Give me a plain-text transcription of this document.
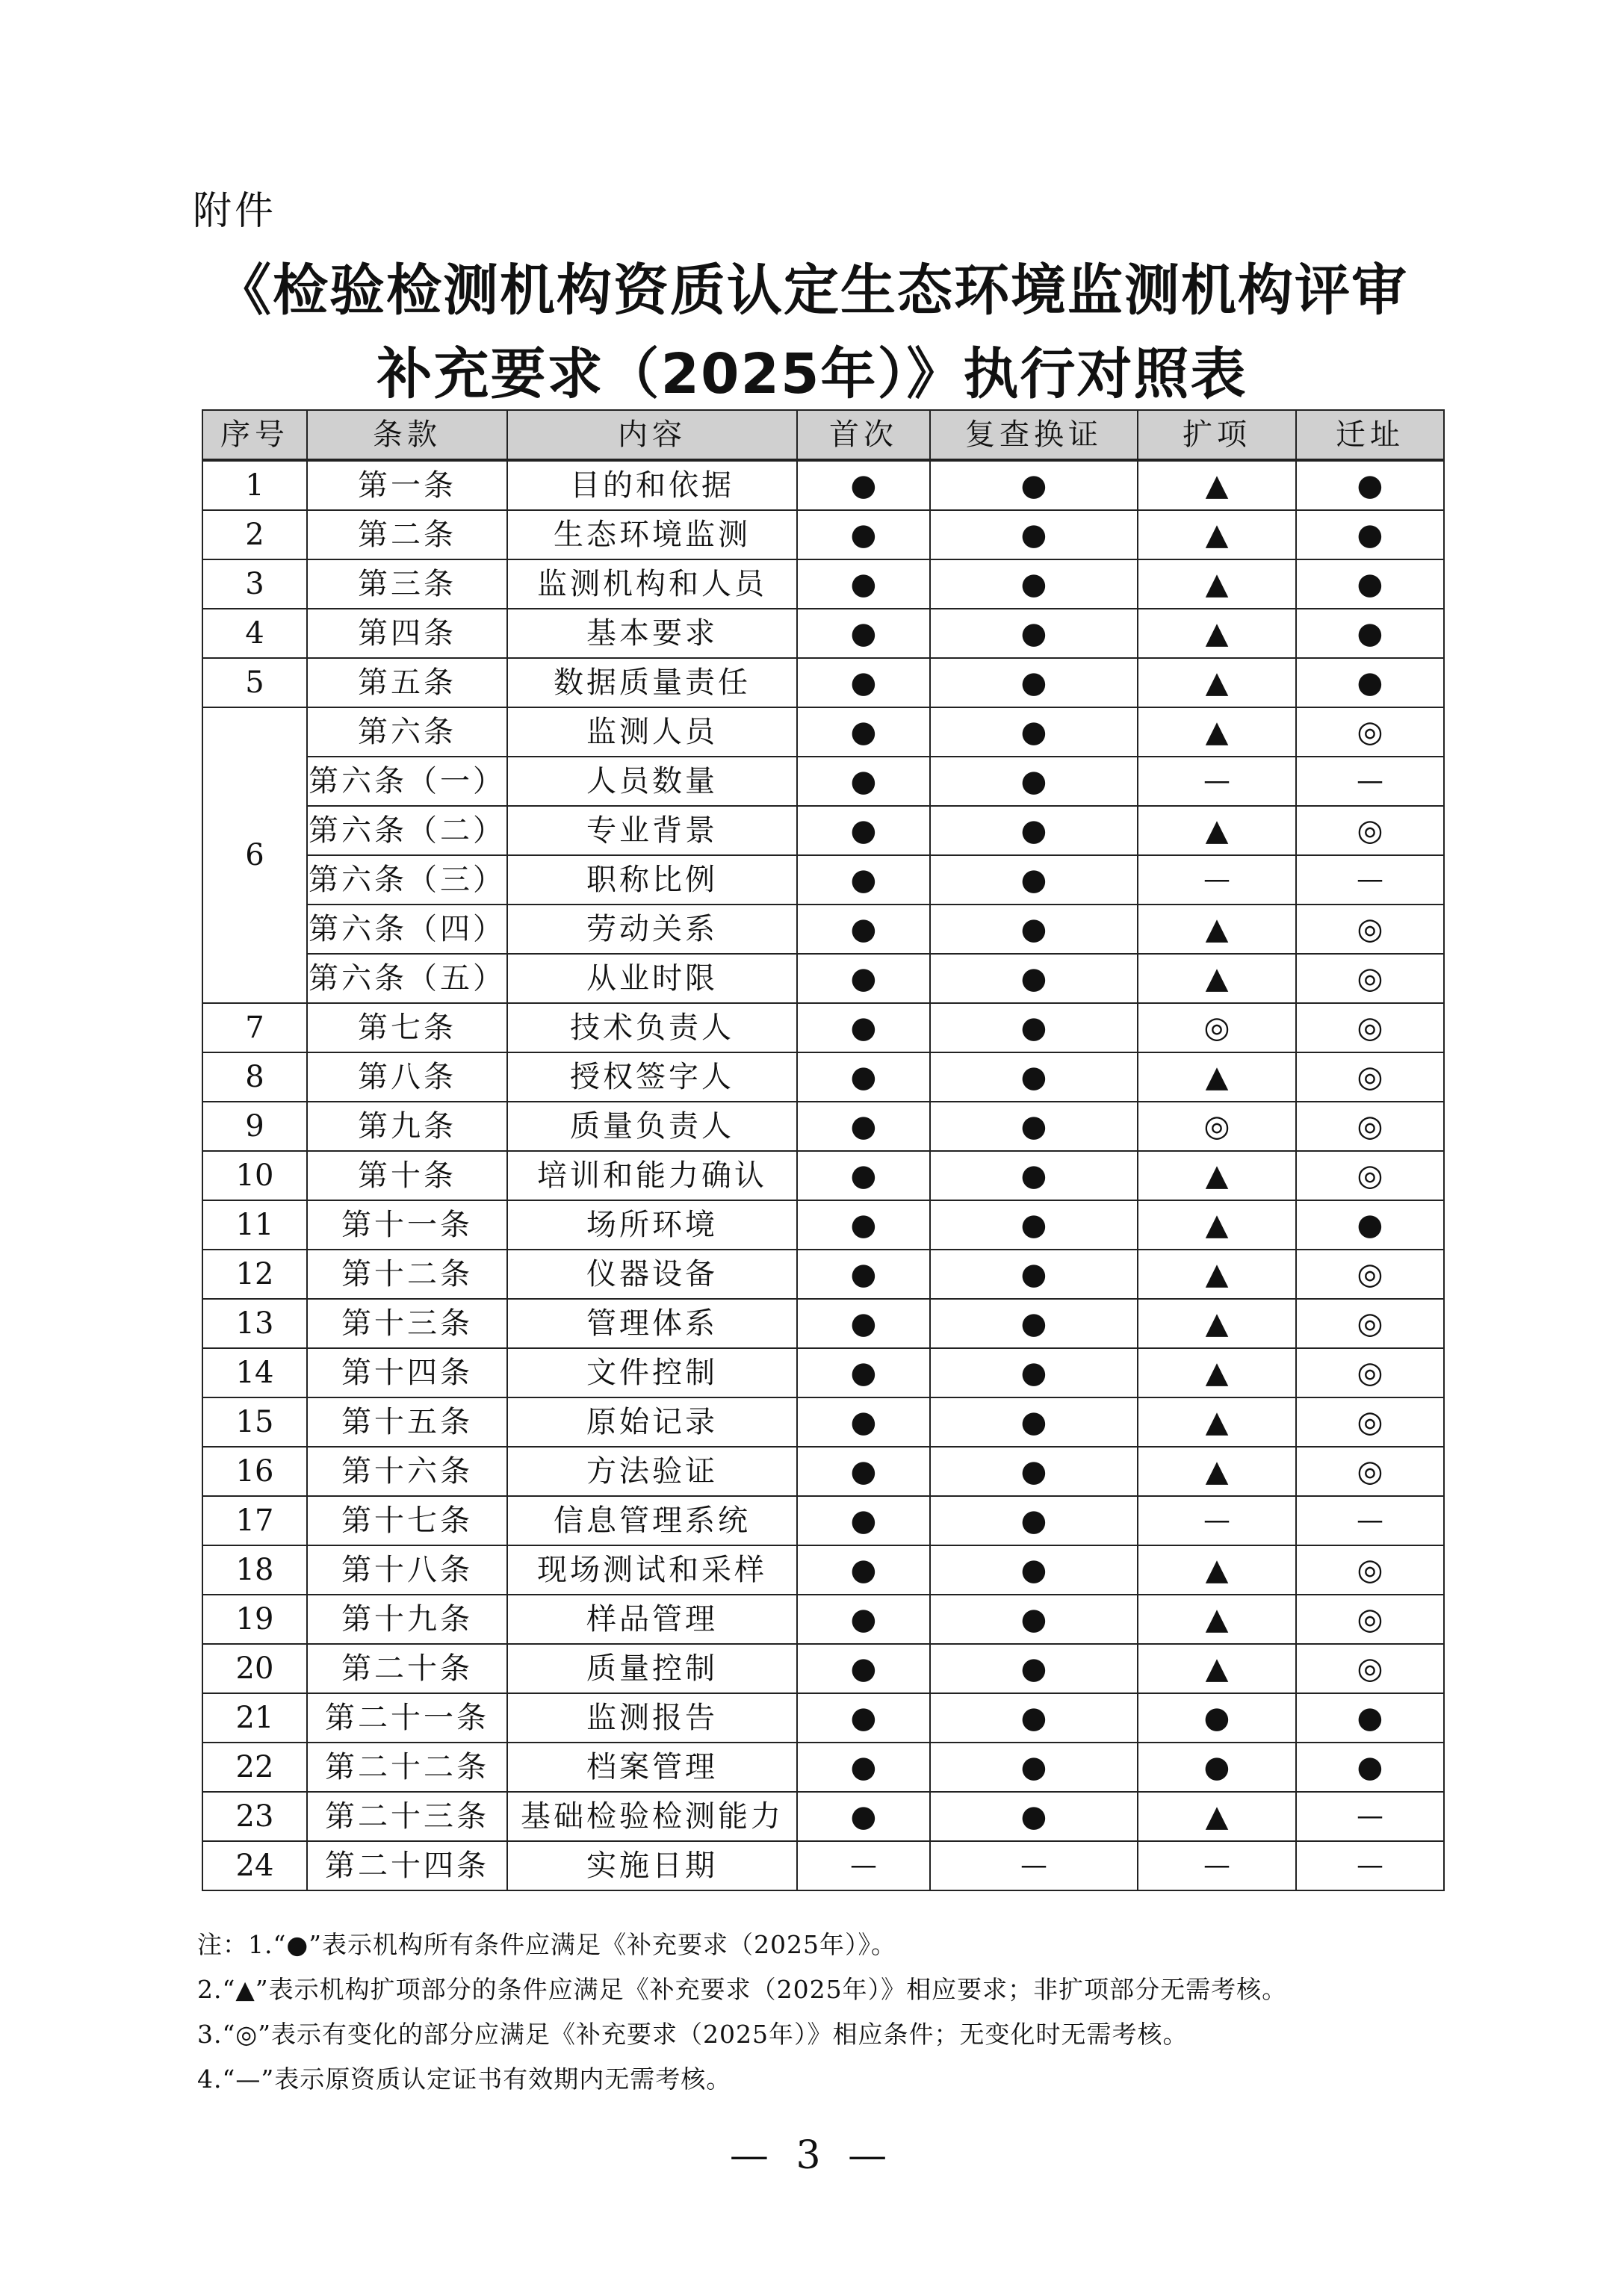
附件
《检验检测机构资质认定生态环境监测机构评审
补充要求（2025年）》执行对照表
序号	条款	内容	首次	复查换证	扩项	迁址
1	第一条	目的和依据	●	●	▲	●
2	第二条	生态环境监测	●	●	▲	●
3	第三条	监测机构和人员	●	●	▲	●
4	第四条	基本要求	●	●	▲	●
5	第五条	数据质量责任	●	●	▲	●
6	第六条	监测人员	●	●	▲	◎
	第六条（一）	人员数量	●	●	—	—
	第六条（二）	专业背景	●	●	▲	◎
	第六条（三）	职称比例	●	●	—	—
	第六条（四）	劳动关系	●	●	▲	◎
	第六条（五）	从业时限	●	●	▲	◎
7	第七条	技术负责人	●	●	◎	◎
8	第八条	授权签字人	●	●	▲	◎
9	第九条	质量负责人	●	●	◎	◎
10	第十条	培训和能力确认	●	●	▲	◎
11	第十一条	场所环境	●	●	▲	●
12	第十二条	仪器设备	●	●	▲	◎
13	第十三条	管理体系	●	●	▲	◎
14	第十四条	文件控制	●	●	▲	◎
15	第十五条	原始记录	●	●	▲	◎
16	第十六条	方法验证	●	●	▲	◎
17	第十七条	信息管理系统	●	●	—	—
18	第十八条	现场测试和采样	●	●	▲	◎
19	第十九条	样品管理	●	●	▲	◎
20	第二十条	质量控制	●	●	▲	◎
21	第二十一条	监测报告	●	●	●	●
22	第二十二条	档案管理	●	●	●	●
23	第二十三条	基础检验检测能力	●	●	▲	—
24	第二十四条	实施日期	—	—	—	—
注：1.“●”表示机构所有条件应满足《补充要求（2025年）》。
2.“▲”表示机构扩项部分的条件应满足《补充要求（2025年）》相应要求；非扩项部分无需考核。
3.“◎”表示有变化的部分应满足《补充要求（2025年）》相应条件；无变化时无需考核。
4.“—”表示原资质认定证书有效期内无需考核。
— 3 —
